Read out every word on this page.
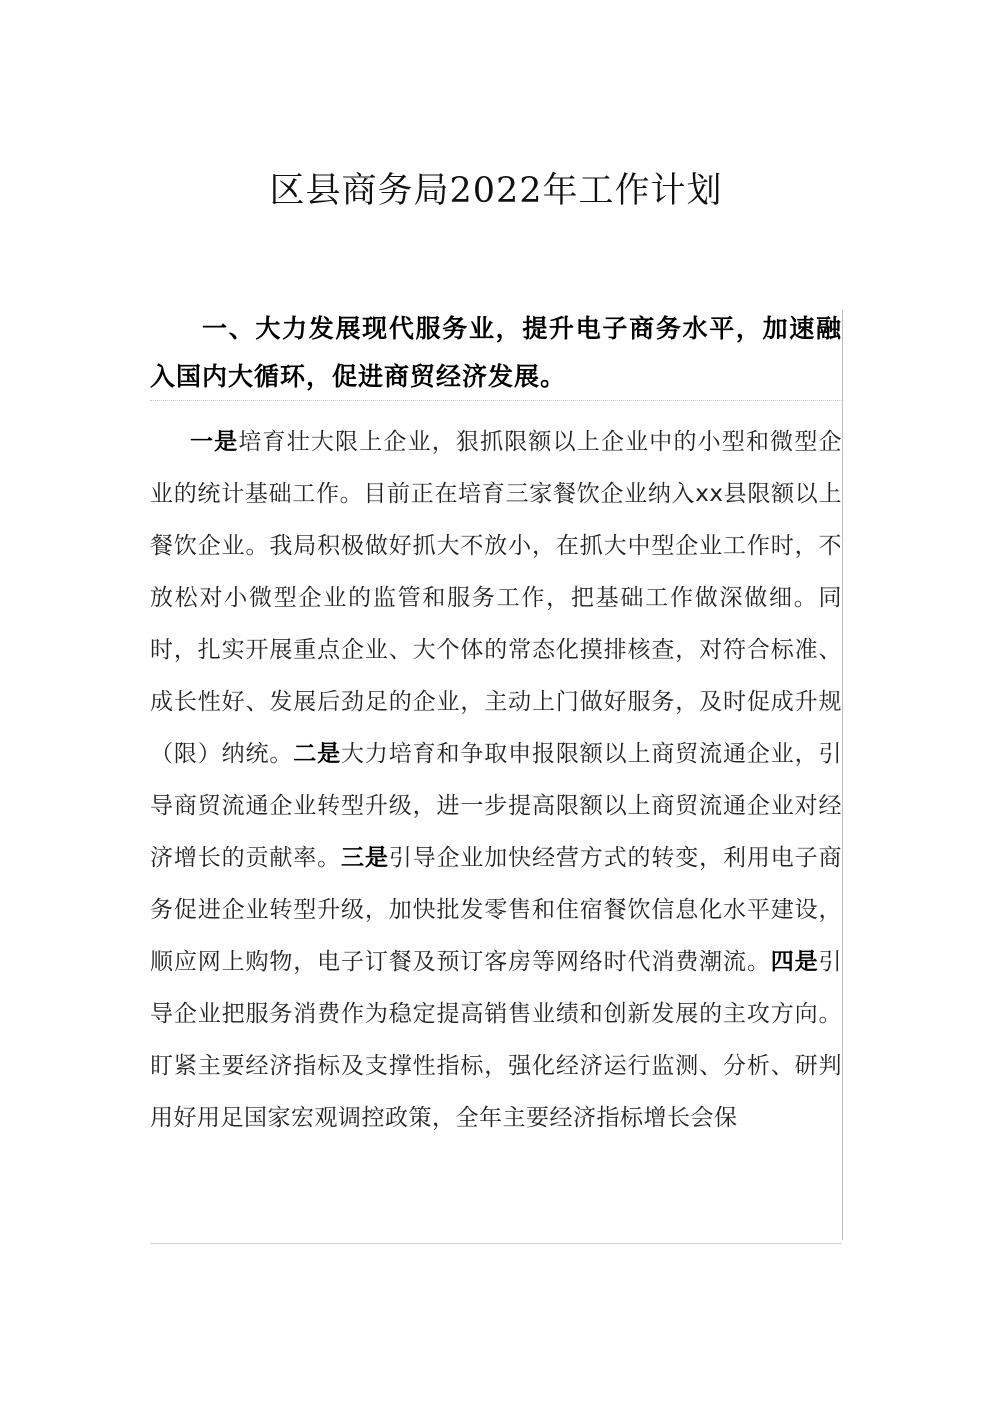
区县商务局2022年工作计划
一、大力发展现代服务业，提升电子商务水平，加速融入国内大循环，促进商贸经济发展。
一是培育壮大限上企业，狠抓限额以上企业中的小型和微型企业的统计基础工作。目前正在培育三家餐饮企业纳入xx县限额以上餐饮企业。我局积极做好抓大不放小，在抓大中型企业工作时，不放松对小微型企业的监管和服务工作，把基础工作做深做细。同时，扎实开展重点企业、大个体的常态化摸排核查，对符合标准、成长性好、发展后劲足的企业，主动上门做好服务，及时促成升规（限）纳统。二是大力培育和争取申报限额以上商贸流通企业，引导商贸流通企业转型升级，进一步提高限额以上商贸流通企业对经济增长的贡献率。三是引导企业加快经营方式的转变，利用电子商务促进企业转型升级，加快批发零售和住宿餐饮信息化水平建设，顺应网上购物，电子订餐及预订客房等网络时代消费潮流。四是引导企业把服务消费作为稳定提高销售业绩和创新发展的主攻方向。盯紧主要经济指标及支撑性指标，强化经济运行监测、分析、研判用好用足国家宏观调控政策，全年主要经济指标增长会保
